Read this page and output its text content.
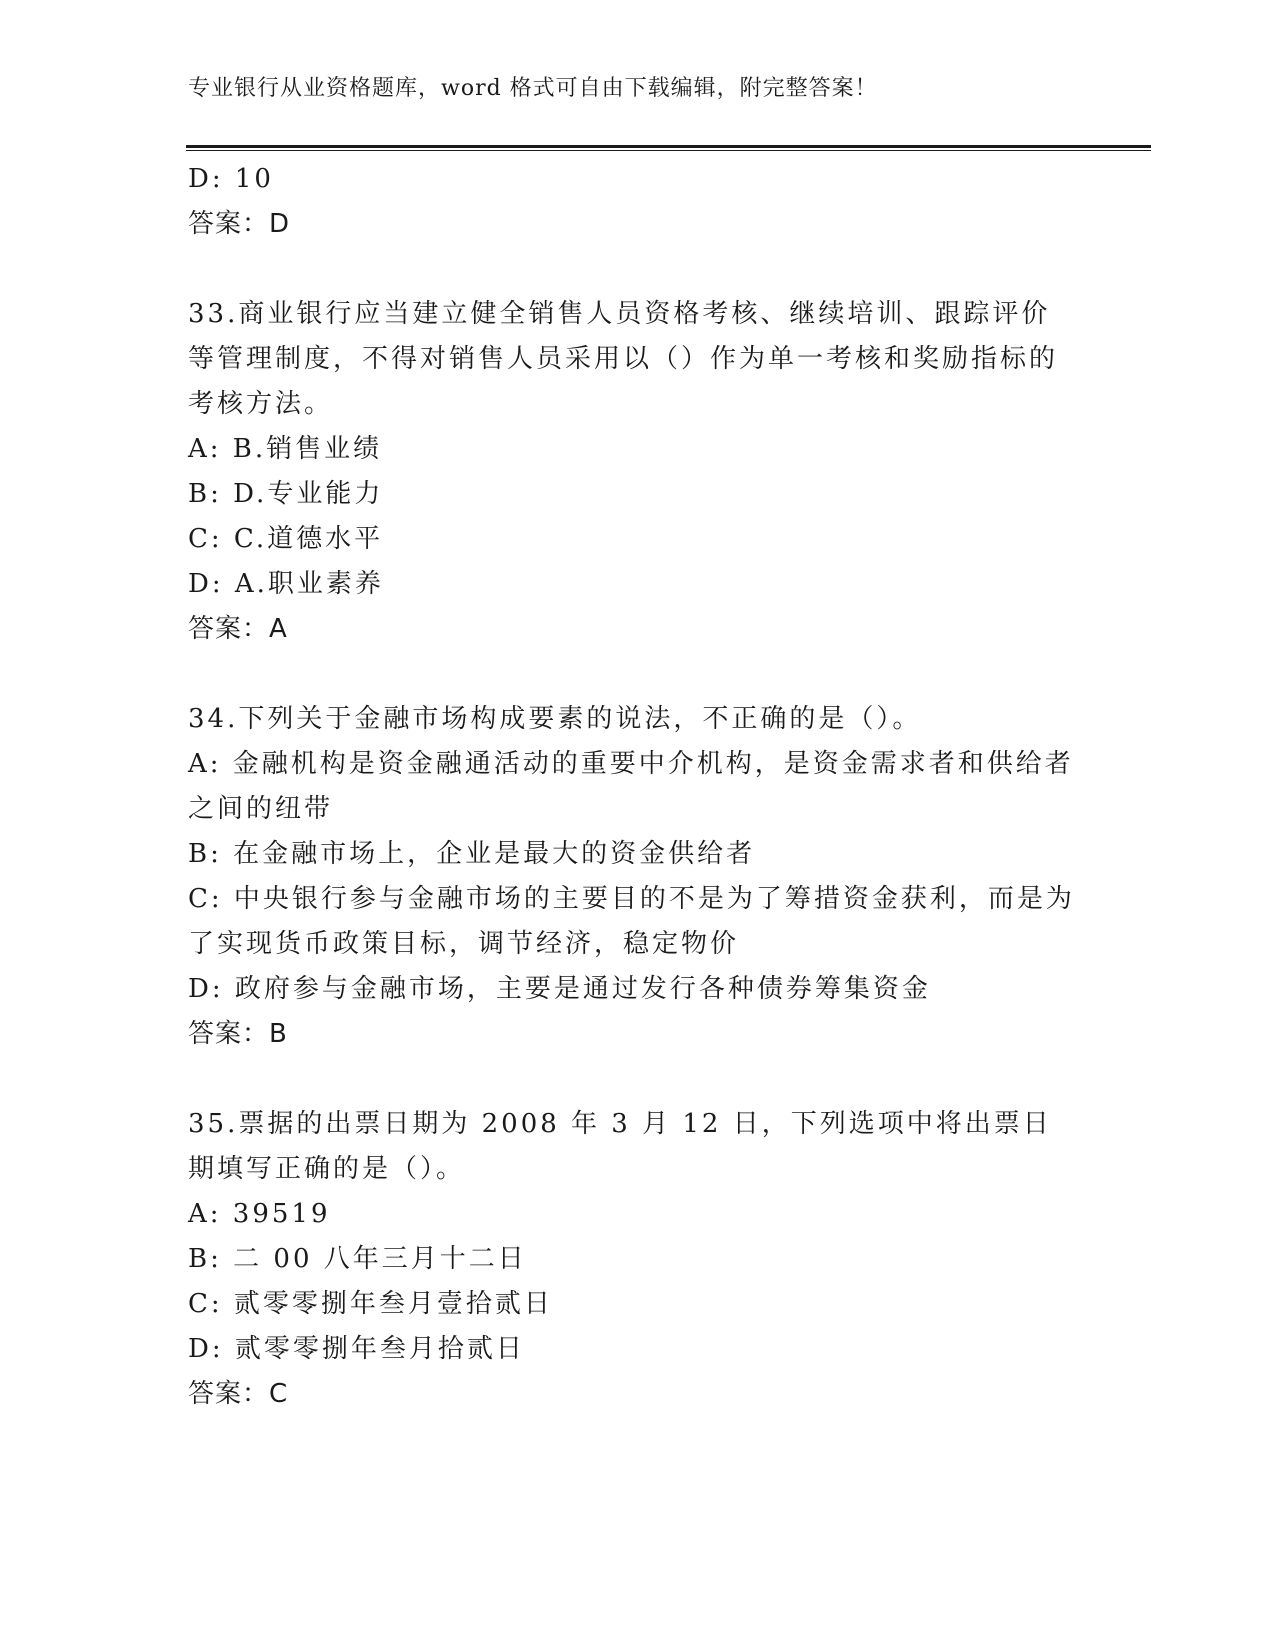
专业银行从业资格题库，word 格式可自由下载编辑，附完整答案！
D: 10
答案：D
33.商业银行应当建立健全销售人员资格考核、继续培训、跟踪评价等管理制度，不得对销售人员采用以（）作为单一考核和奖励指标的考核方法。
A: B.销售业绩
B: D.专业能力
C: C.道德水平
D: A.职业素养
答案：A
34.下列关于金融市场构成要素的说法，不正确的是（）。
A: 金融机构是资金融通活动的重要中介机构，是资金需求者和供给者之间的纽带
B: 在金融市场上，企业是最大的资金供给者
C: 中央银行参与金融市场的主要目的不是为了筹措资金获利，而是为了实现货币政策目标，调节经济，稳定物价
D: 政府参与金融市场，主要是通过发行各种债券筹集资金
答案：B
35.票据的出票日期为 2008 年 3 月 12 日，下列选项中将出票日期填写正确的是（）。
A: 39519
B: 二 00 八年三月十二日
C: 贰零零捌年叁月壹拾贰日
D: 贰零零捌年叁月拾贰日
答案：C
